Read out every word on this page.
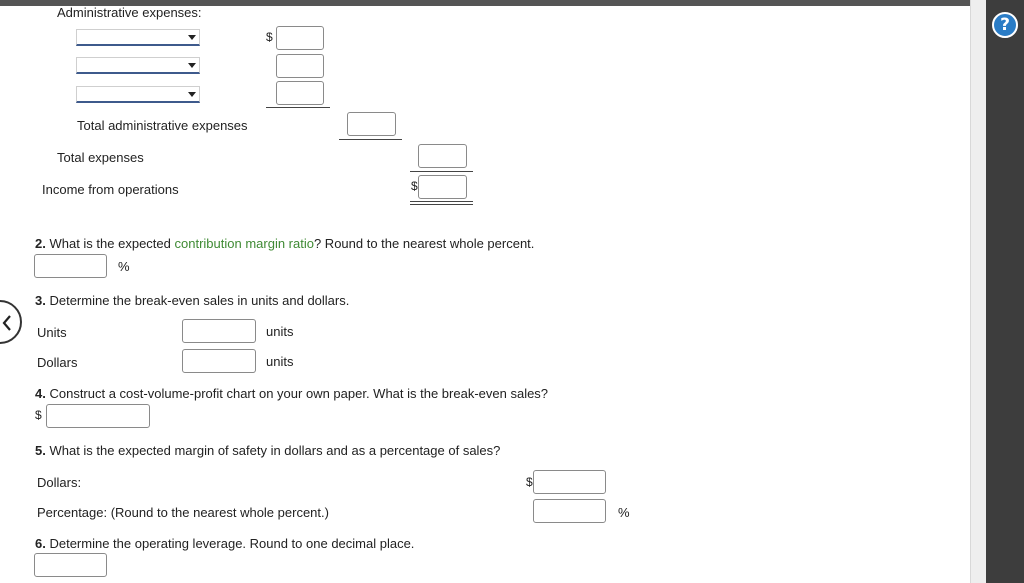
Administrative expenses:
$
Total administrative expenses
Total expenses
Income from operations	$
2. What is the expected contribution margin ratio? Round to the nearest whole percent.
%
3. Determine the break-even sales in units and dollars.
Units	units
Dollars	units
4. Construct a cost-volume-profit chart on your own paper. What is the break-even sales?
$
5. What is the expected margin of safety in dollars and as a percentage of sales?
Dollars:	$
Percentage: (Round to the nearest whole percent.)	%
6. Determine the operating leverage. Round to one decimal place.
?
